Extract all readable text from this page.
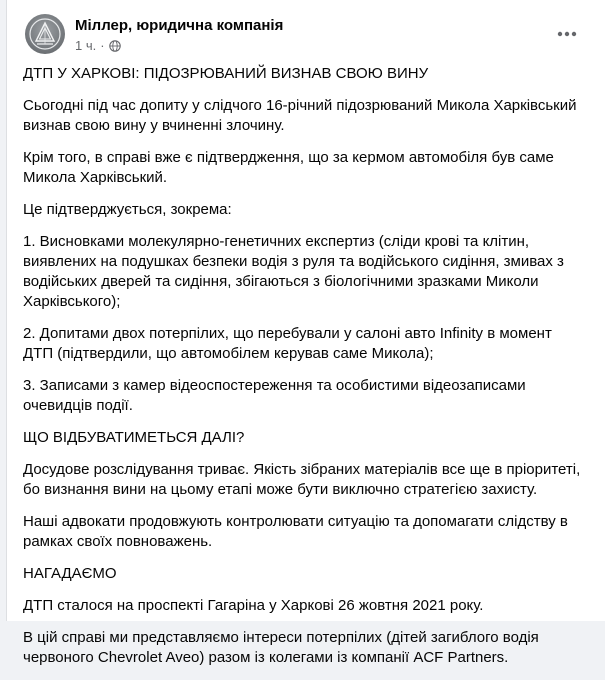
Міллер, юридична компанія
1 ч. ·

ДТП У ХАРКОВІ: ПІДОЗРЮВАНИЙ ВИЗНАВ СВОЮ ВИНУ

Сьогодні під час допиту у слідчого 16-річний підозрюваний Микола Харківський визнав свою вину у вчиненні злочину.

Крім того, в справі вже є підтвердження, що за кермом автомобіля був саме Микола Харківський.

Це підтверджується, зокрема:

1. Висновками молекулярно-генетичних експертиз (сліди крові та клітин, виявлених на подушках безпеки водія з руля та водійського сидіння, змивах з водійських дверей та сидіння, збігаються з біологічними зразками Миколи Харківського);

2. Допитами двох потерпілих, що перебували у салоні авто Infinity в момент ДТП (підтвердили, що автомобілем керував саме Микола);

3. Записами з камер відеоспостереження та особистими відеозаписами очевидців події.

ЩО ВІДБУВАТИМЕТЬСЯ ДАЛІ?

Досудове розслідування триває. Якість зібраних матеріалів все ще в пріоритеті, бо визнання вини на цьому етапі може бути виключно стратегією захисту.

Наші адвокати продовжують контролювати ситуацію та допомагати слідству в рамках своїх повноважень.

НАГАДАЄМО

ДТП сталося на проспекті Гагаріна у Харкові 26 жовтня 2021 року.

В цій справі ми представляємо інтереси потерпілих (дітей загиблого водія червоного Chevrolet Aveo) разом із колегами із компанії ACF Partners.
